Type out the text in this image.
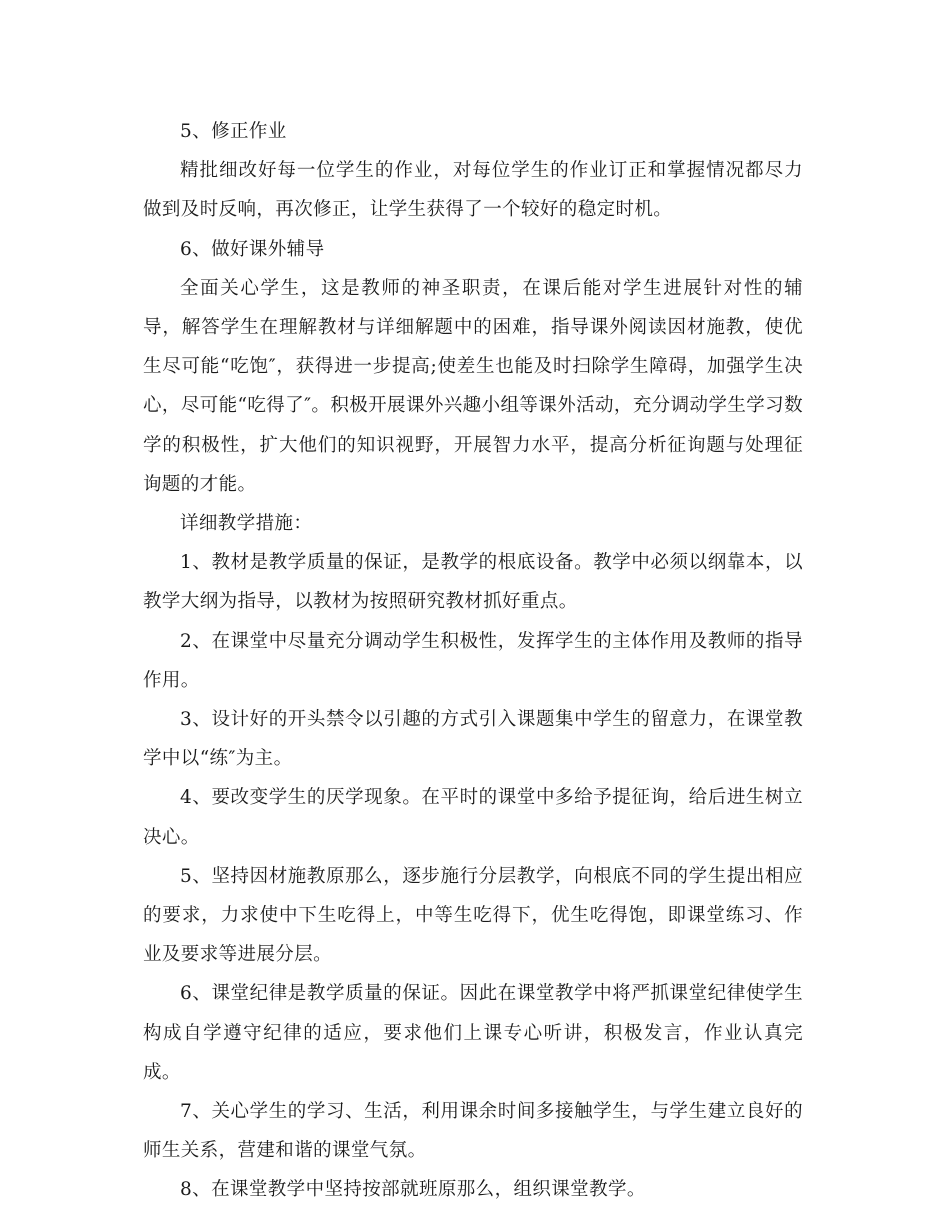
5、修正作业

精批细改好每一位学生的作业，对每位学生的作业订正和掌握情况都尽力做到及时反响，再次修正，让学生获得了一个较好的稳定时机。

6、做好课外辅导

全面关心学生，这是教师的神圣职责，在课后能对学生进展针对性的辅导，解答学生在理解教材与详细解题中的困难，指导课外阅读因材施教，使优生尽可能“吃饱″，获得进一步提高;使差生也能及时扫除学生障碍，加强学生决心，尽可能“吃得了″。积极开展课外兴趣小组等课外活动，充分调动学生学习数学的积极性，扩大他们的知识视野，开展智力水平，提高分析征询题与处理征询题的才能。

详细教学措施：

1、教材是教学质量的保证，是教学的根底设备。教学中必须以纲靠本，以教学大纲为指导，以教材为按照研究教材抓好重点。

2、在课堂中尽量充分调动学生积极性，发挥学生的主体作用及教师的指导作用。

3、设计好的开头禁令以引趣的方式引入课题集中学生的留意力，在课堂教学中以“练″为主。

4、要改变学生的厌学现象。在平时的课堂中多给予提征询，给后进生树立决心。

5、坚持因材施教原那么，逐步施行分层教学，向根底不同的学生提出相应的要求，力求使中下生吃得上，中等生吃得下，优生吃得饱，即课堂练习、作业及要求等进展分层。

6、课堂纪律是教学质量的保证。因此在课堂教学中将严抓课堂纪律使学生构成自学遵守纪律的适应，要求他们上课专心听讲，积极发言，作业认真完成。

7、关心学生的学习、生活，利用课余时间多接触学生，与学生建立良好的师生关系，营建和谐的课堂气氛。

8、在课堂教学中坚持按部就班原那么，组织课堂教学。
